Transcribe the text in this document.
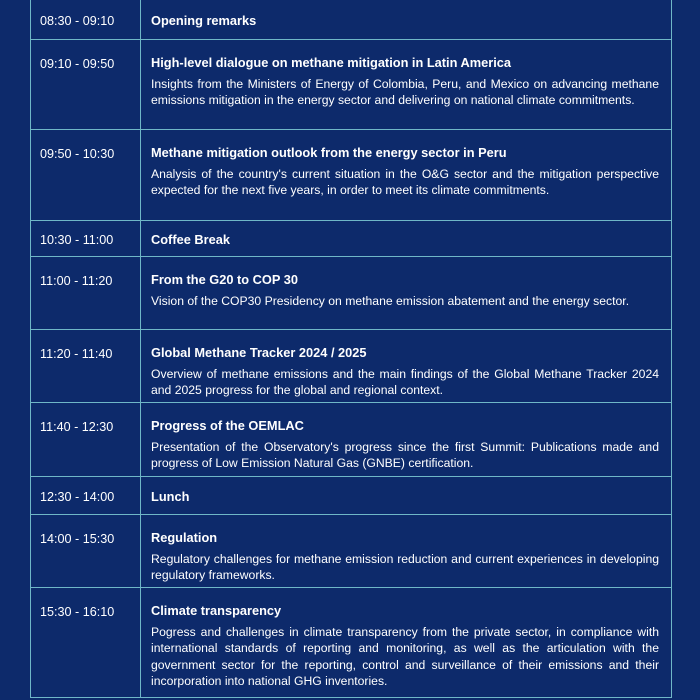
08:30 - 09:10	Opening remarks
09:10 - 09:50	High-level dialogue on methane mitigation in Latin America
Insights from the Ministers of Energy of Colombia, Peru, and Mexico on advancing methane emissions mitigation in the energy sector and delivering on national climate commitments.
09:50 - 10:30	Methane mitigation outlook from the energy sector in Peru
Analysis of the country's current situation in the O&G sector and the mitigation perspective expected for the next five years, in order to meet its climate commitments.
10:30 - 11:00	Coffee Break
11:00 - 11:20	From the G20 to COP 30
Vision of the COP30 Presidency on methane emission abatement and the energy sector.
11:20 - 11:40	Global Methane Tracker 2024 / 2025
Overview of methane emissions and the main findings of the Global Methane Tracker 2024 and 2025 progress for the global and regional context.
11:40 - 12:30	Progress of the OEMLAC
Presentation of the Observatory's progress since the first Summit: Publications made and progress of Low Emission Natural Gas (GNBE) certification.
12:30 - 14:00	Lunch
14:00 - 15:30	Regulation
Regulatory challenges for methane emission reduction and current experiences in developing regulatory frameworks.
15:30 - 16:10	Climate transparency
Pogress and challenges in climate transparency from the private sector, in compliance with international standards of reporting and monitoring, as well as the articulation with the government sector for the reporting, control and surveillance of their emissions and their incorporation into national GHG inventories.
